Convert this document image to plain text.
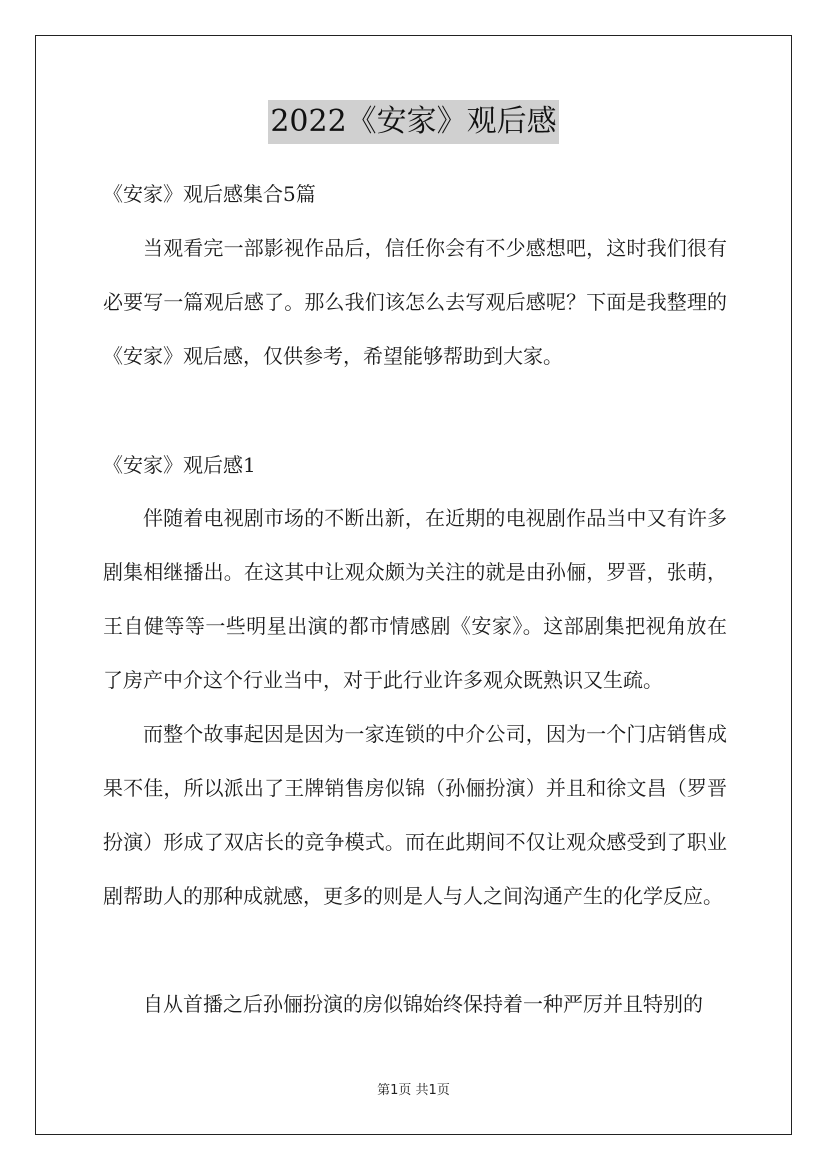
2022《安家》观后感

《安家》观后感集合5篇

当观看完一部影视作品后，信任你会有不少感想吧，这时我们很有必要写一篇观后感了。那么我们该怎么去写观后感呢？下面是我整理的《安家》观后感，仅供参考，希望能够帮助到大家。

《安家》观后感1

伴随着电视剧市场的不断出新，在近期的电视剧作品当中又有许多剧集相继播出。在这其中让观众颇为关注的就是由孙俪，罗晋，张萌，王自健等等一些明星出演的都市情感剧《安家》。这部剧集把视角放在了房产中介这个行业当中，对于此行业许多观众既熟识又生疏。

而整个故事起因是因为一家连锁的中介公司，因为一个门店销售成果不佳，所以派出了王牌销售房似锦（孙俪扮演）并且和徐文昌（罗晋扮演）形成了双店长的竞争模式。而在此期间不仅让观众感受到了职业剧帮助人的那种成就感，更多的则是人与人之间沟通产生的化学反应。

自从首播之后孙俪扮演的房似锦始终保持着一种严厉并且特别的

第1页 共1页
